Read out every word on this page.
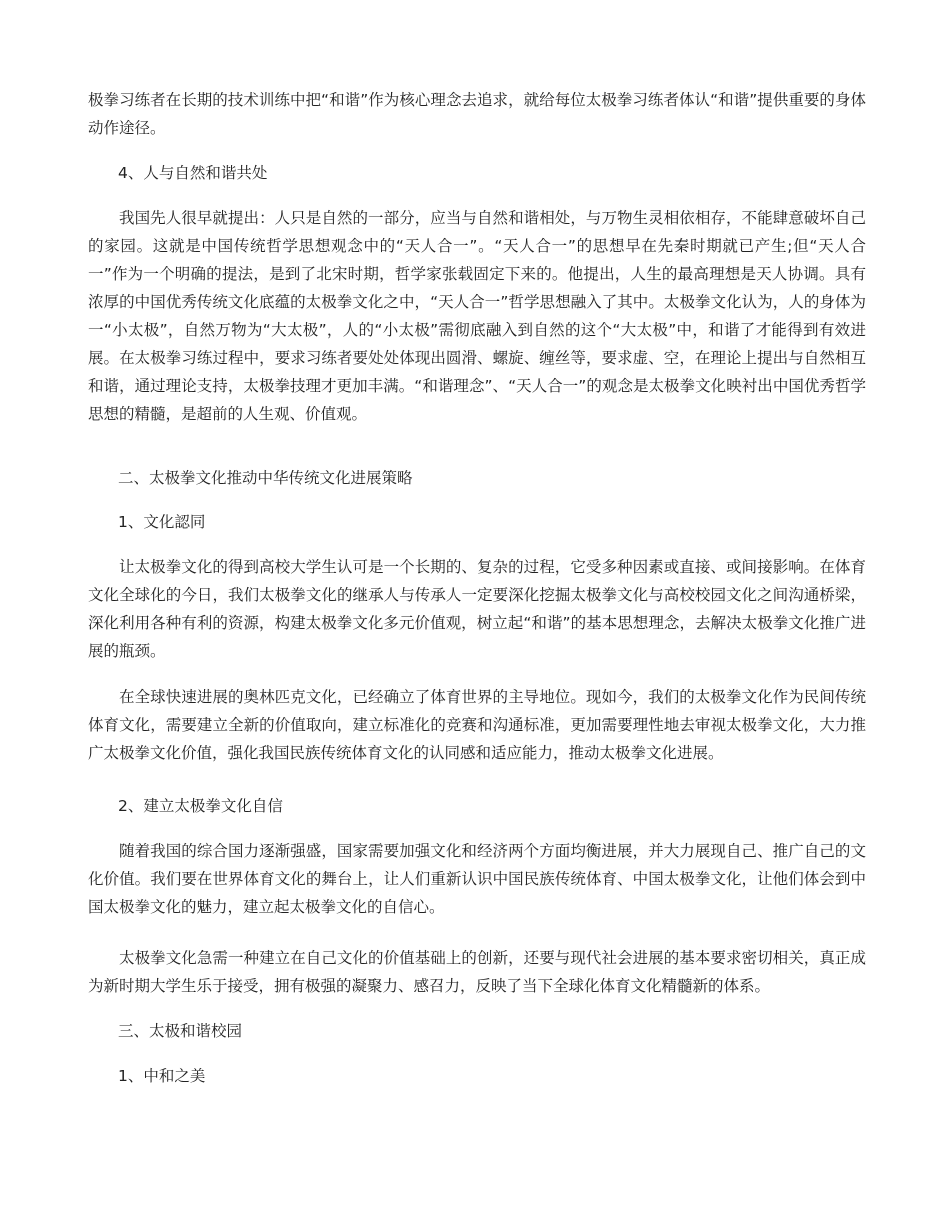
极拳习练者在长期的技术训练中把“和谐”作为核心理念去追求，就给每位太极拳习练者体认“和谐”提供重要的身体动作途径。

4、人与自然和谐共处

我国先人很早就提出：人只是自然的一部分，应当与自然和谐相处，与万物生灵相依相存，不能肆意破坏自己的家园。这就是中国传统哲学思想观念中的“天人合一”。“天人合一”的思想早在先秦时期就已产生;但“天人合一”作为一个明确的提法，是到了北宋时期，哲学家张载固定下来的。他提出，人生的最高理想是天人协调。具有浓厚的中国优秀传统文化底蕴的太极拳文化之中，“天人合一”哲学思想融入了其中。太极拳文化认为，人的身体为一“小太极”，自然万物为“大太极”，人的“小太极”需彻底融入到自然的这个“大太极”中，和谐了才能得到有效进展。在太极拳习练过程中，要求习练者要处处体现出圆滑、螺旋、缠丝等，要求虚、空，在理论上提出与自然相互和谐，通过理论支持，太极拳技理才更加丰满。“和谐理念”、“天人合一”的观念是太极拳文化映衬出中国优秀哲学思想的精髓，是超前的人生观、价值观。

二、太极拳文化推动中华传统文化进展策略

1、文化認同

让太极拳文化的得到高校大学生认可是一个长期的、复杂的过程，它受多种因素或直接、或间接影响。在体育文化全球化的今日，我们太极拳文化的继承人与传承人一定要深化挖掘太极拳文化与高校校园文化之间沟通桥梁，深化利用各种有利的资源，构建太极拳文化多元价值观，树立起“和谐”的基本思想理念，去解决太极拳文化推广进展的瓶颈。

在全球快速进展的奥林匹克文化，已经确立了体育世界的主导地位。现如今，我们的太极拳文化作为民间传统体育文化，需要建立全新的价值取向，建立标准化的竞赛和沟通标准，更加需要理性地去审视太极拳文化，大力推广太极拳文化价值，强化我国民族传统体育文化的认同感和适应能力，推动太极拳文化进展。

2、建立太极拳文化自信

随着我国的综合国力逐渐强盛，国家需要加强文化和经济两个方面均衡进展，并大力展现自己、推广自己的文化价值。我们要在世界体育文化的舞台上，让人们重新认识中国民族传统体育、中国太极拳文化，让他们体会到中国太极拳文化的魅力，建立起太极拳文化的自信心。

太极拳文化急需一种建立在自己文化的价值基础上的创新，还要与现代社会进展的基本要求密切相关，真正成为新时期大学生乐于接受，拥有极强的凝聚力、感召力，反映了当下全球化体育文化精髓新的体系。

三、太极和谐校园

1、中和之美
